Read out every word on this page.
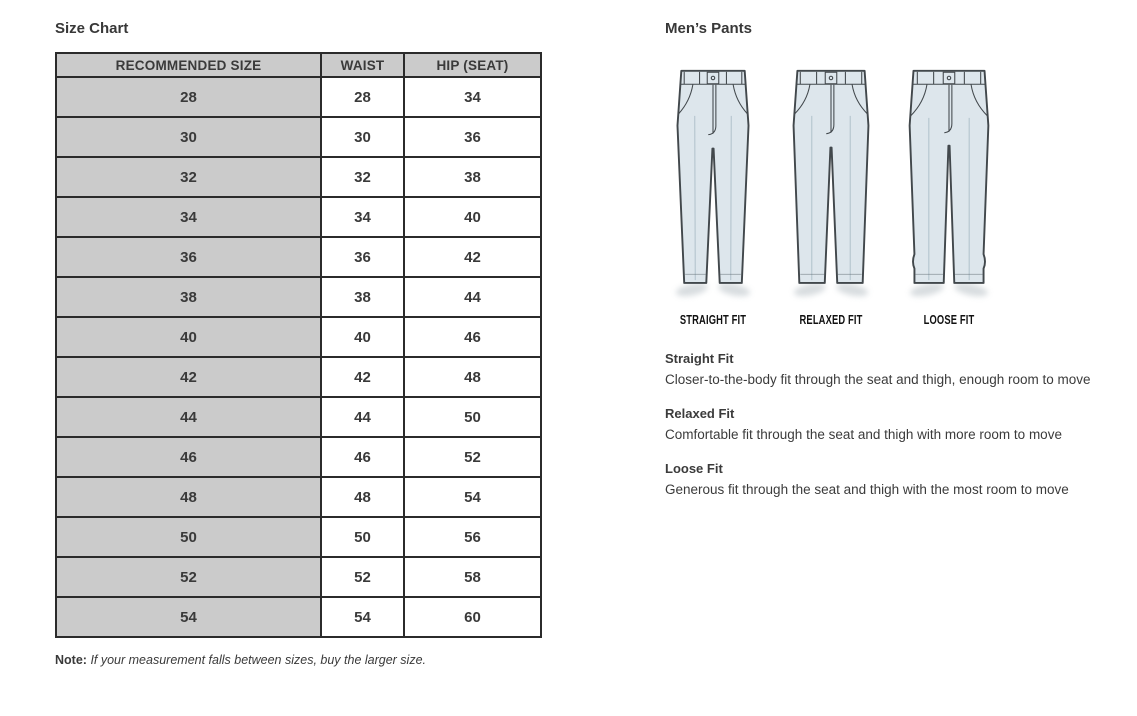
Size Chart
RECOMMENDED SIZE	WAIST	HIP (SEAT)
28	28	34
30	30	36
32	32	38
34	34	40
36	36	42
38	38	44
40	40	46
42	42	48
44	44	50
46	46	52
48	48	54
50	50	56
52	52	58
54	54	60

Note: If your measurement falls between sizes, buy the larger size.

Men’s Pants
STRAIGHT FIT	RELAXED FIT	LOOSE FIT
Straight Fit

Closer-to-the-body fit through the seat and thigh, enough room to move

Relaxed Fit

Comfortable fit through the seat and thigh with more room to move

Loose Fit

Generous fit through the seat and thigh with the most room to move
